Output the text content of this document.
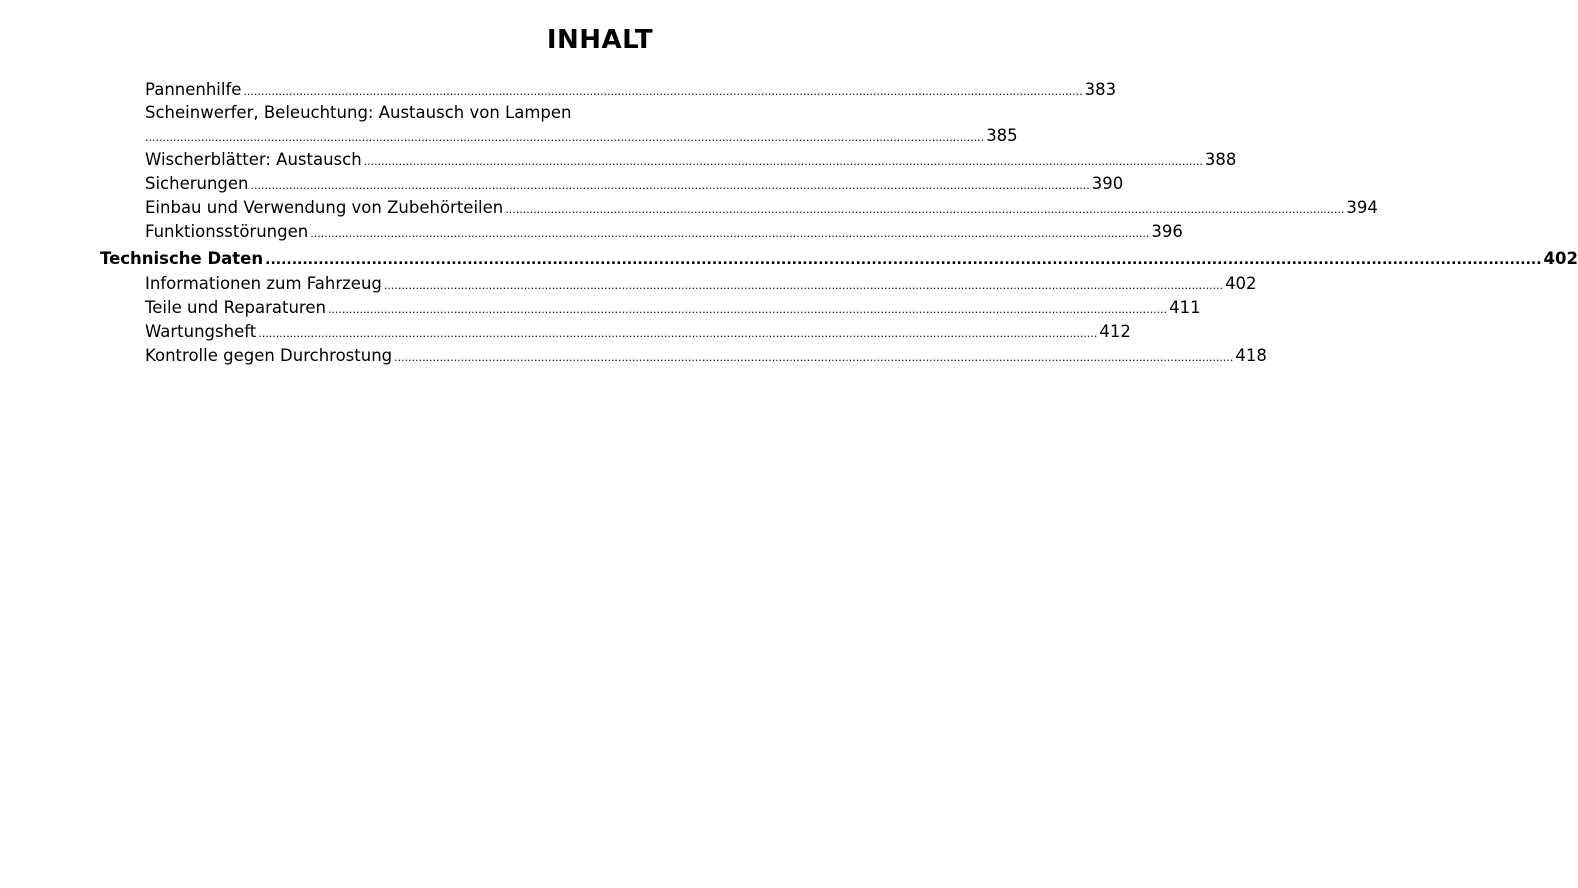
INHALT
Pannenhilfe ................................................................................................................................................................................................................................................ 383
Scheinwerfer, Beleuchtung: Austausch von Lampen
................................................................................................................................................................................................................................................ 385
Wischerblätter: Austausch ................................................................................................................................................................................................................................................ 388
Sicherungen ................................................................................................................................................................................................................................................ 390
Einbau und Verwendung von Zubehörteilen ................................................................................................................................................................................................................................................ 394
Funktionsstörungen ................................................................................................................................................................................................................................................ 396
Technische Daten ................................................................................................................................................................................................................................................ 402
Informationen zum Fahrzeug ................................................................................................................................................................................................................................................ 402
Teile und Reparaturen ................................................................................................................................................................................................................................................ 411
Wartungsheft ................................................................................................................................................................................................................................................ 412
Kontrolle gegen Durchrostung ................................................................................................................................................................................................................................................ 418
